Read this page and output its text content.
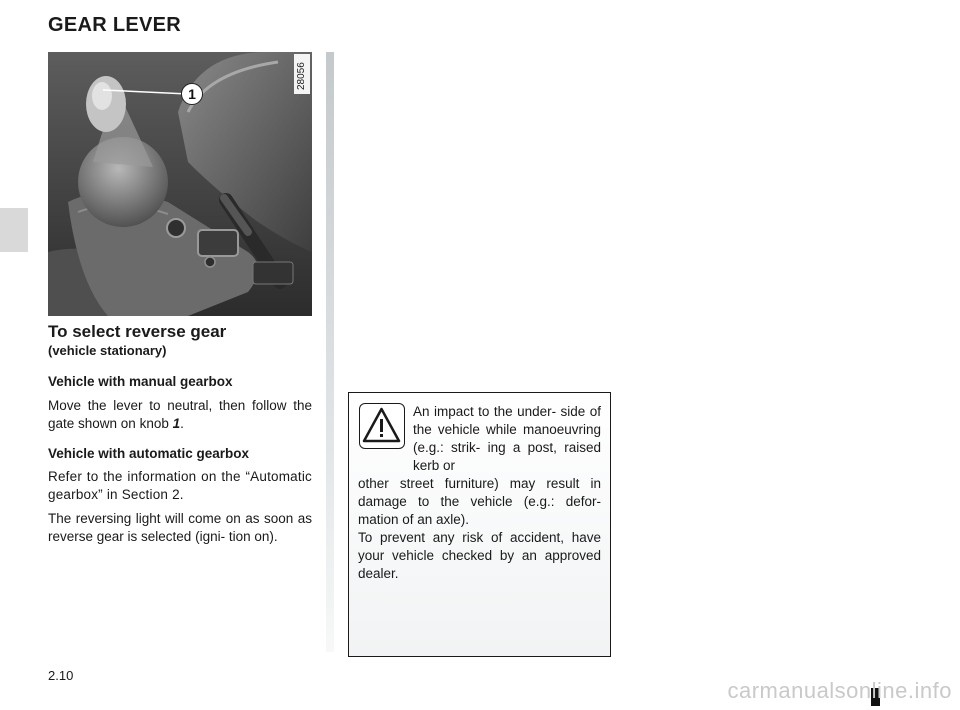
GEAR LEVER
28056
1
To select reverse gear
(vehicle stationary)
Vehicle with manual gearbox
Move the lever to neutral, then follow the gate shown on knob 1.
Vehicle with automatic gearbox
Refer to the information on the “Automatic gearbox” in Section 2.
The reversing light will come on as soon as reverse gear is selected (igni- tion on).
An impact to the under- side of the vehicle while manoeuvring (e.g.: strik- ing a post, raised kerb or
other street furniture) may result in damage to the vehicle (e.g.: defor- mation of an axle).
To prevent any risk of accident, have your vehicle checked by an approved dealer.
2.10
carmanualsonline.info
